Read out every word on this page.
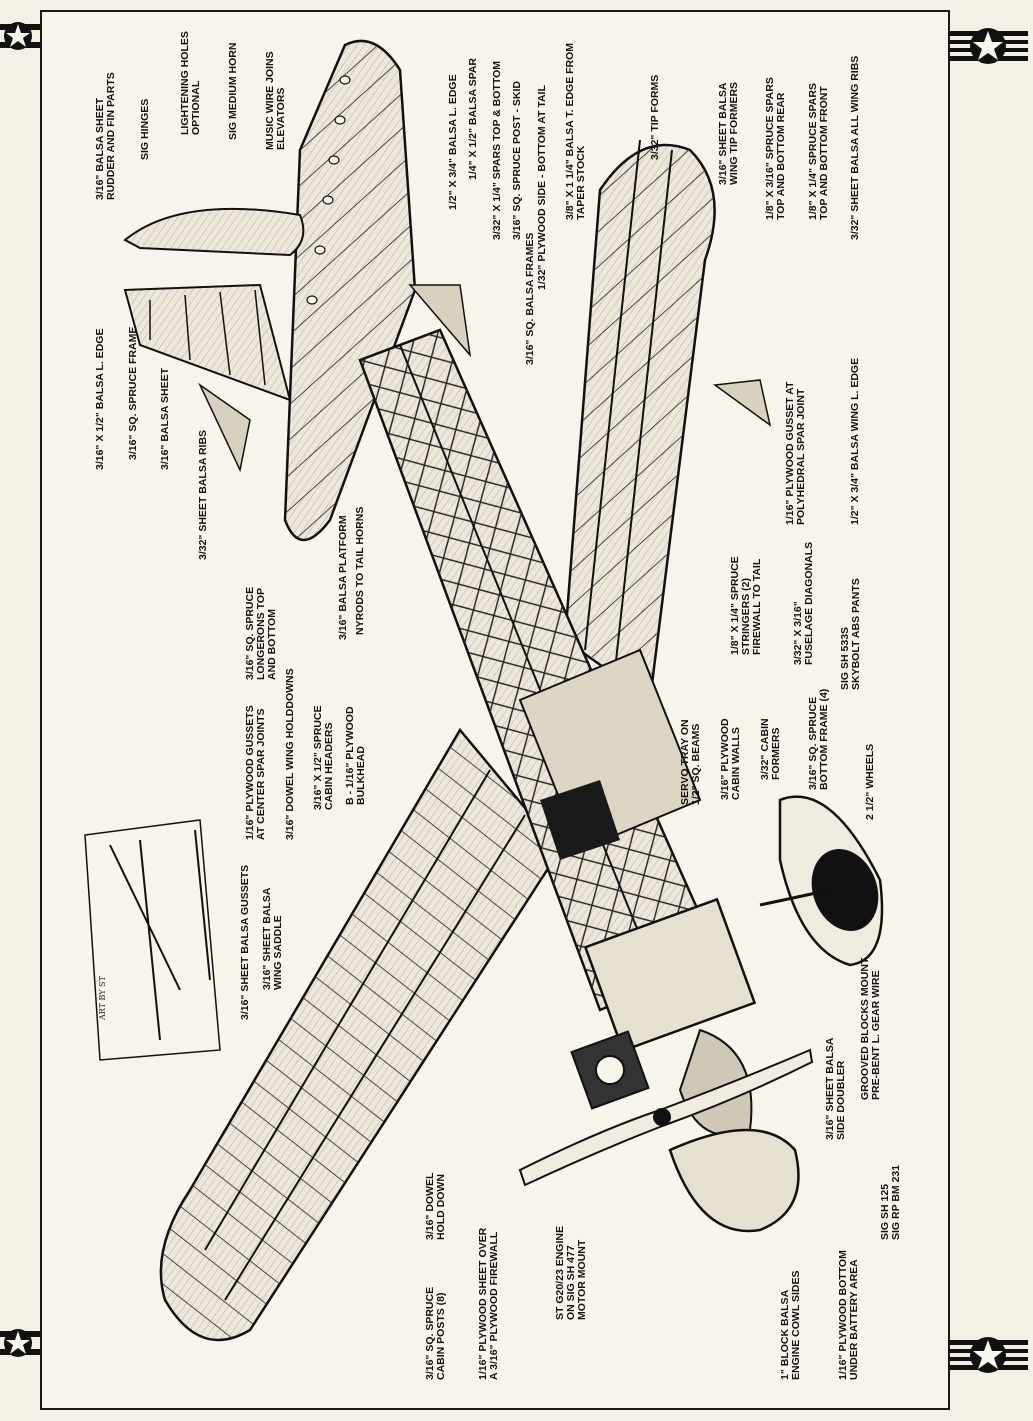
ART BY ST
3/16" BALSA SHEET RUDDER AND FIN PARTS SIG HINGES	LIGHTENING HOLES OPTIONAL SIG MEDIUM HORN MUSIC WIRE JOINS ELEVATORS
3/16" X 1/2" BALSA L. EDGE 3/16" SQ. SPRUCE FRAME 3/16" BALSA SHEET
3/32" SHEET BALSA RIBS
3/16" SQ. SPRUCE LONGERONS TOP AND BOTTOM
3/16" BALSA PLATFORM NYRODS TO TAIL HORNS
1/16" PLYWOOD GUSSETS AT CENTER SPAR JOINTS 3/16" DOWEL WING HOLDDOWNS 3/16" X 1/2" SPRUCE CABIN HEADERS B - 1/16" PLYWOOD BULKHEAD
3/16" SHEET BALSA GUSSETS 3/16" SHEET BALSA WING SADDLE
3/16" DOWEL HOLD DOWN
3/16" SQ. SPRUCE CABIN POSTS (8)	1/16" PLYWOOD SHEET OVER A 3/16" PLYWOOD FIREWALL	ST G20/23 ENGINE ON SIG SH 477 MOTOR MOUNT
1" BLOCK BALSA ENGINE COWL SIDES	1/16" PLYWOOD BOTTOM UNDER BATTERY AREA
1/2" X 3/4" BALSA L. EDGE 1/4" X 1/2" BALSA SPAR 3/32" X 1/4" SPARS TOP & BOTTOM 3/16" SQ. SPRUCE POST - SKID 1/32" PLYWOOD SIDE - BOTTOM AT TAIL 3/8" X 1 1/4" BALSA T. EDGE FROM TAPER STOCK
3/32" TIP FORMS	3/16" SHEET BALSA WING TIP FORMERS 1/8" X 3/16" SPRUCE SPARS TOP AND BOTTOM REAR 1/8" X 1/4" SPRUCE SPARS TOP AND BOTTOM FRONT 3/32" SHEET BALSA ALL WING RIBS
3/16" SQ. BALSA FRAMES
1/16" PLYWOOD GUSSET AT POLYHEDRAL SPAR JOINT	1/2" X 3/4" BALSA WING L. EDGE
1/8" X 1/4" SPRUCE STRINGERS (2) FIREWALL TO TAIL	3/32" X 3/16" FUSELAGE DIAGONALS SIG SH 533S SKYBOLT ABS PANTS
SERVO TRAY ON 1/2" SQ. BEAMS 3/16" PLYWOOD CABIN WALLS 3/32" CABIN FORMERS 3/16" SQ. SPRUCE BOTTOM FRAME (4)	2 1/2" WHEELS
3/16" SHEET BALSA SIDE DOUBLER
GROOVED BLOCKS MOUNT PRE-BENT L. GEAR WIRE
SIG SH 125 SIG RP BM 231
